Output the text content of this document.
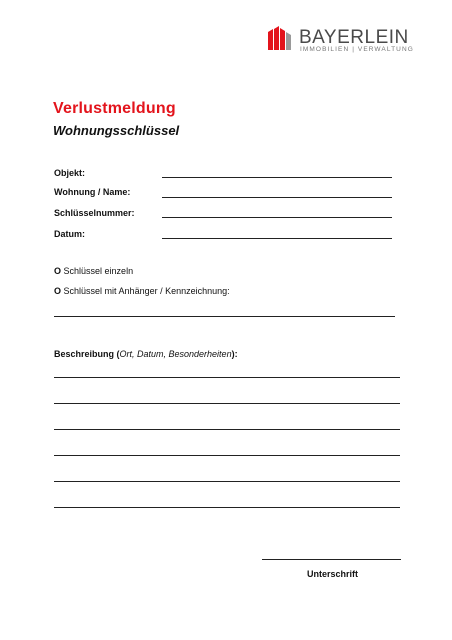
BAYERLEIN
IMMOBILIEN | VERWALTUNG
Verlustmeldung
Wohnungsschlüssel
Objekt:
Wohnung / Name:
Schlüsselnummer:
Datum:
O Schlüssel einzeln
O Schlüssel mit Anhänger / Kennzeichnung:
Beschreibung (Ort, Datum, Besonderheiten):
Unterschrift
